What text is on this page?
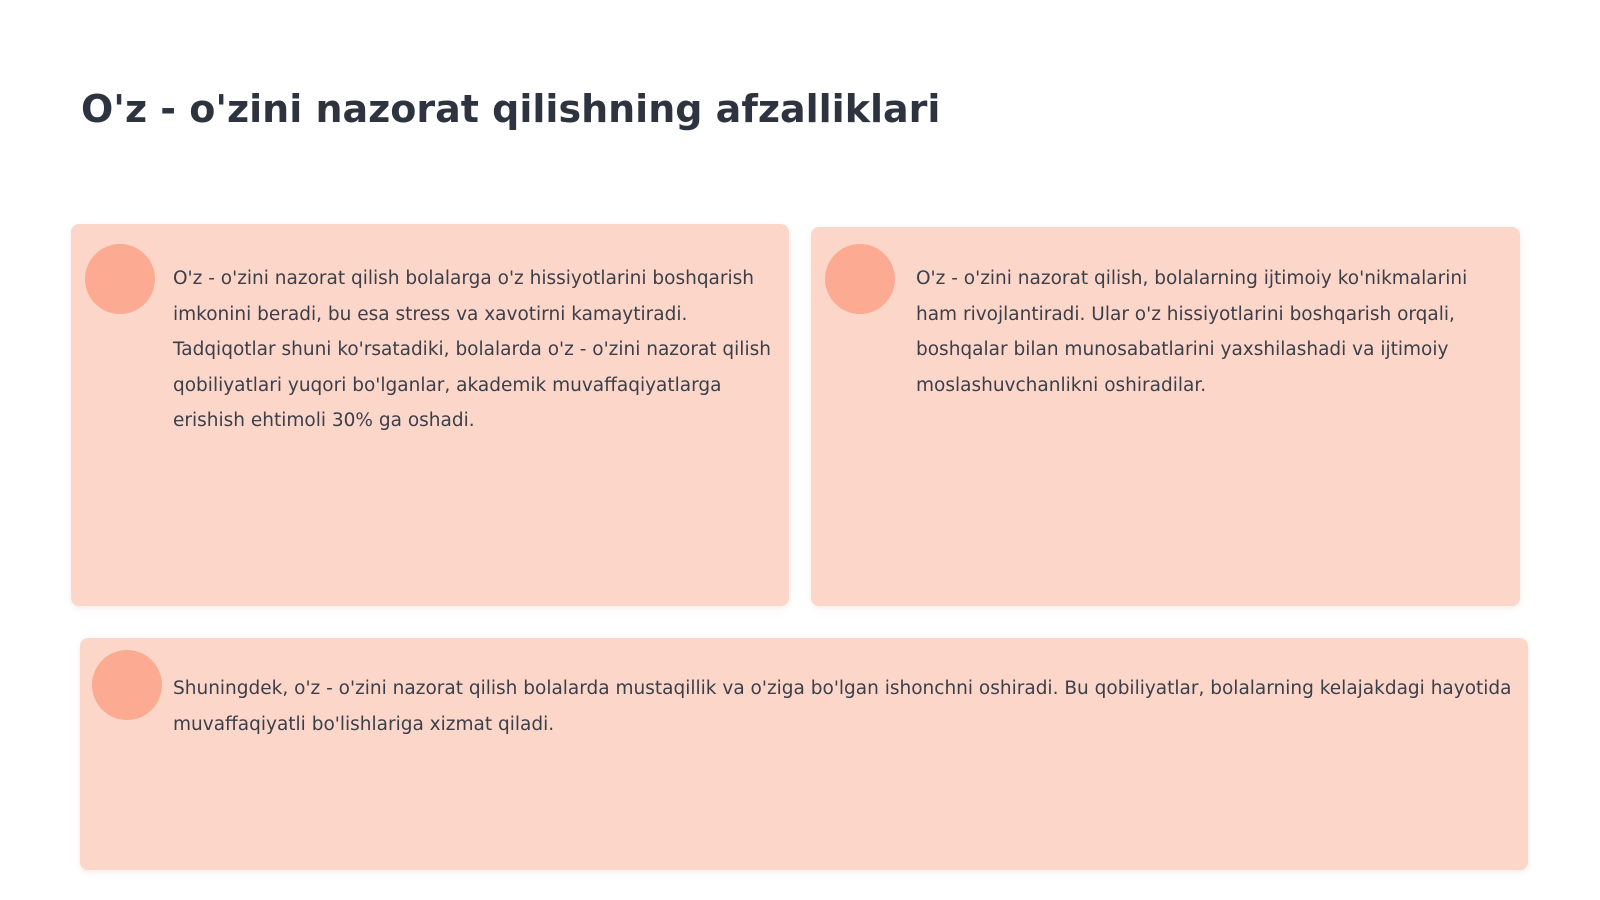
O'z - o'zini nazorat qilishning afzalliklari

O'z - o'zini nazorat qilish bolalarga o'z hissiyotlarini boshqarish imkonini beradi, bu esa stress va xavotirni kamaytiradi. Tadqiqotlar shuni ko'rsatadiki, bolalarda o'z - o'zini nazorat qilish qobiliyatlari yuqori bo'lganlar, akademik muvaffaqiyatlarga erishish ehtimoli 30% ga oshadi.

O'z - o'zini nazorat qilish, bolalarning ijtimoiy ko'nikmalarini ham rivojlantiradi. Ular o'z hissiyotlarini boshqarish orqali, boshqalar bilan munosabatlarini yaxshilashadi va ijtimoiy moslashuvchanlikni oshiradilar.

Shuningdek, o'z - o'zini nazorat qilish bolalarda mustaqillik va o'ziga bo'lgan ishonchni oshiradi. Bu qobiliyatlar, bolalarning kelajakdagi hayotida muvaffaqiyatli bo'lishlariga xizmat qiladi.
